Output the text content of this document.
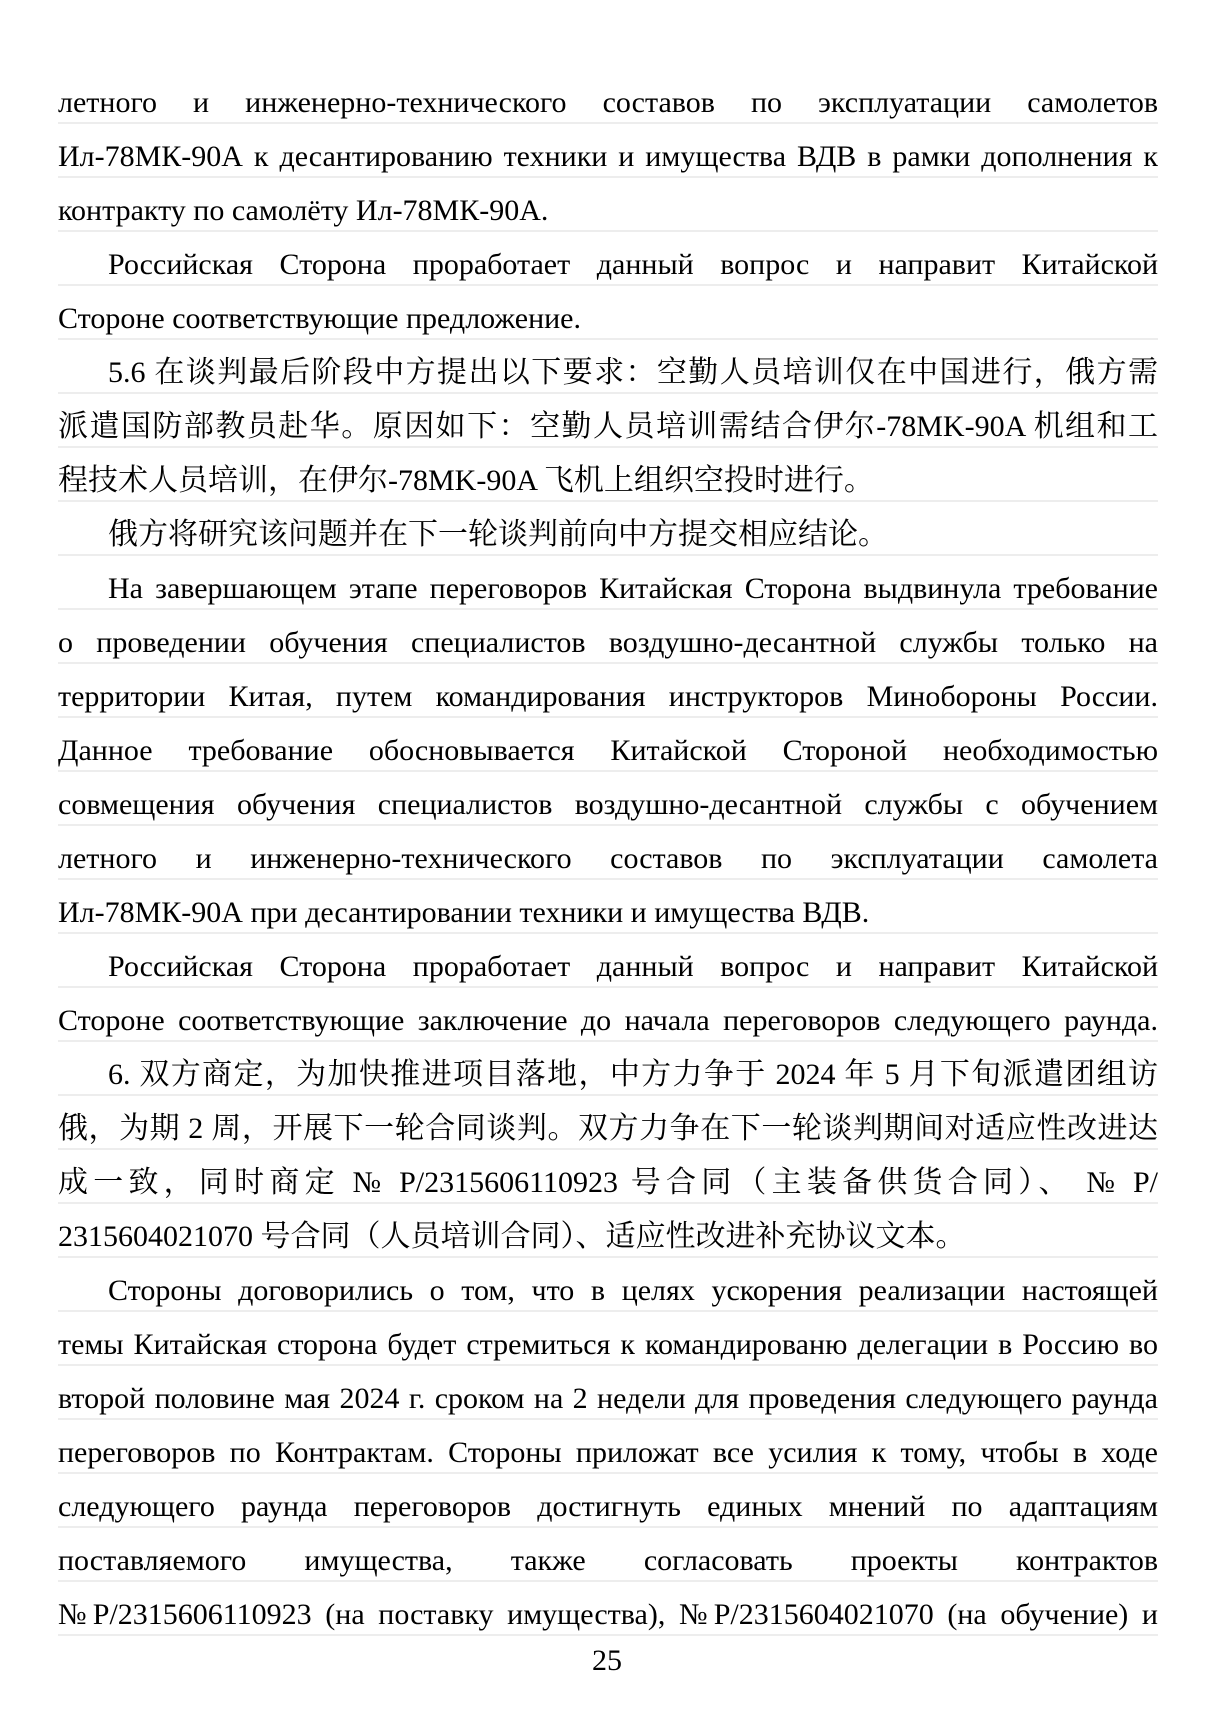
летного и инженерно-технического составов по эксплуатации самолетов
Ил-78МК-90А к десантированию техники и имущества ВДВ в рамки дополнения к
контракту по самолёту Ил-78МК-90А.

Российская Сторона проработает данный вопрос и направит Китайской
Стороне соответствующие предложение.

5.6 在谈判最后阶段中方提出以下要求：空勤人员培训仅在中国进行，俄方需
派遣国防部教员赴华。原因如下：空勤人员培训需结合伊尔-78MK-90A 机组和工
程技术人员培训，在伊尔-78MK-90A 飞机上组织空投时进行。

俄方将研究该问题并在下一轮谈判前向中方提交相应结论。

На завершающем этапе переговоров Китайская Сторона выдвинула требование
о проведении обучения специалистов воздушно-десантной службы только на
территории Китая, путем командирования инструкторов Минобороны России.
Данное требование обосновывается Китайской Стороной необходимостью
совмещения обучения специалистов воздушно-десантной службы с обучением
летного и инженерно-технического составов по эксплуатации самолета
Ил-78МК-90А при десантировании техники и имущества ВДВ.

Российская Сторона проработает данный вопрос и направит Китайской
Стороне соответствующие заключение до начала переговоров следующего раунда.

6. 双方商定，为加快推进项目落地，中方力争于 2024 年 5 月下旬派遣团组访
俄，为期 2 周，开展下一轮合同谈判。双方力争在下一轮谈判期间对适应性改进达
成一致，同时商定 № P/2315606110923 号合同（主装备供货合同）、 № P/
2315604021070 号合同（人员培训合同）、适应性改进补充协议文本。

Стороны договорились о том, что в целях ускорения реализации настоящей
темы Китайская сторона будет стремиться к командированю делегации в Россию во
второй половине мая 2024 г. сроком на 2 недели для проведения следующего раунда
переговоров по Контрактам. Стороны приложат все усилия к тому, чтобы в ходе
следующего раунда переговоров достигнуть единых мнений по адаптациям
поставляемого имущества, также согласовать проекты контрактов
№Р/2315606110923 (на поставку имущества), №Р/2315604021070 (на обучение) и

25
